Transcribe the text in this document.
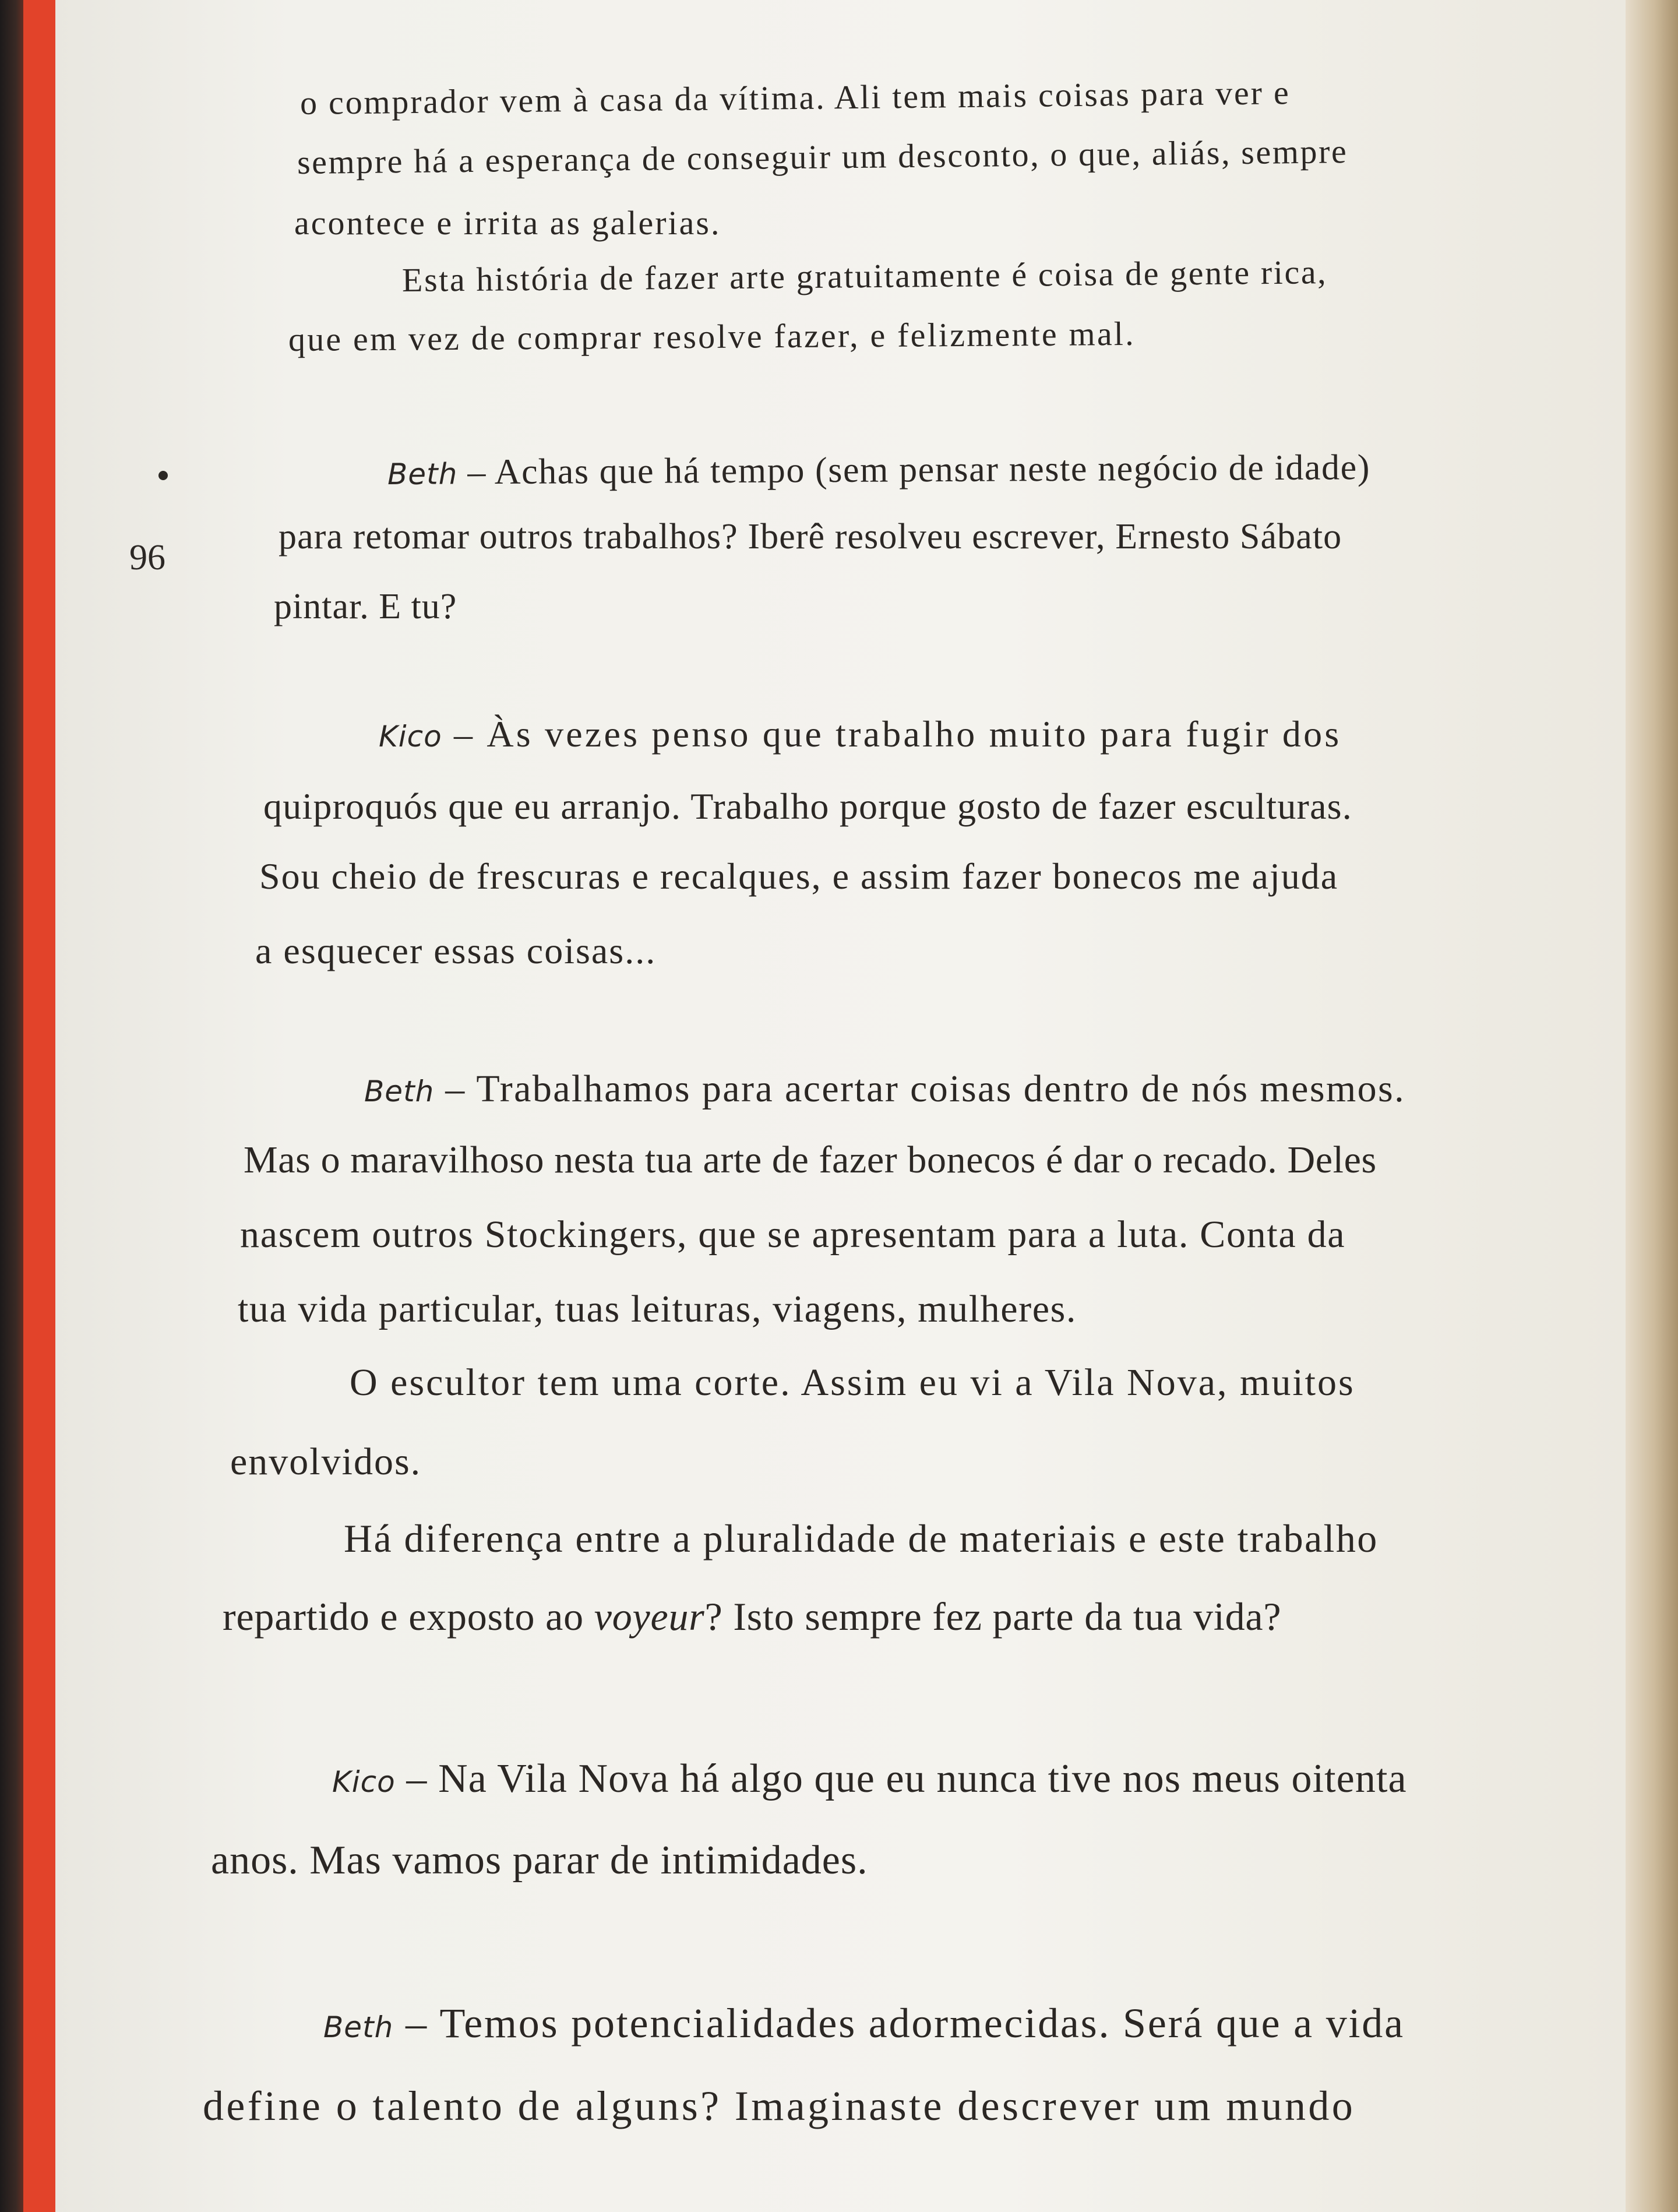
96

o comprador vem à casa da vítima. Ali tem mais coisas para ver e

sempre há a esperança de conseguir um desconto, o que, aliás, sempre

acontece e irrita as galerias.

Esta história de fazer arte gratuitamente é coisa de gente rica,

que em vez de comprar resolve fazer, e felizmente mal.

Beth – Achas que há tempo (sem pensar neste negócio de idade)

para retomar outros trabalhos? Iberê resolveu escrever, Ernesto Sábato

pintar. E tu?

Kico – Às vezes penso que trabalho muito para fugir dos

quiproquós que eu arranjo. Trabalho porque gosto de fazer esculturas.

Sou cheio de frescuras e recalques, e assim fazer bonecos me ajuda

a esquecer essas coisas...

Beth – Trabalhamos para acertar coisas dentro de nós mesmos.

Mas o maravilhoso nesta tua arte de fazer bonecos é dar o recado. Deles

nascem outros Stockingers, que se apresentam para a luta. Conta da

tua vida particular, tuas leituras, viagens, mulheres.

O escultor tem uma corte. Assim eu vi a Vila Nova, muitos

envolvidos.

Há diferença entre a pluralidade de materiais e este trabalho

repartido e exposto ao voyeur? Isto sempre fez parte da tua vida?

Kico – Na Vila Nova há algo que eu nunca tive nos meus oitenta

anos. Mas vamos parar de intimidades.

Beth – Temos potencialidades adormecidas. Será que a vida

define o talento de alguns? Imaginaste descrever um mundo
